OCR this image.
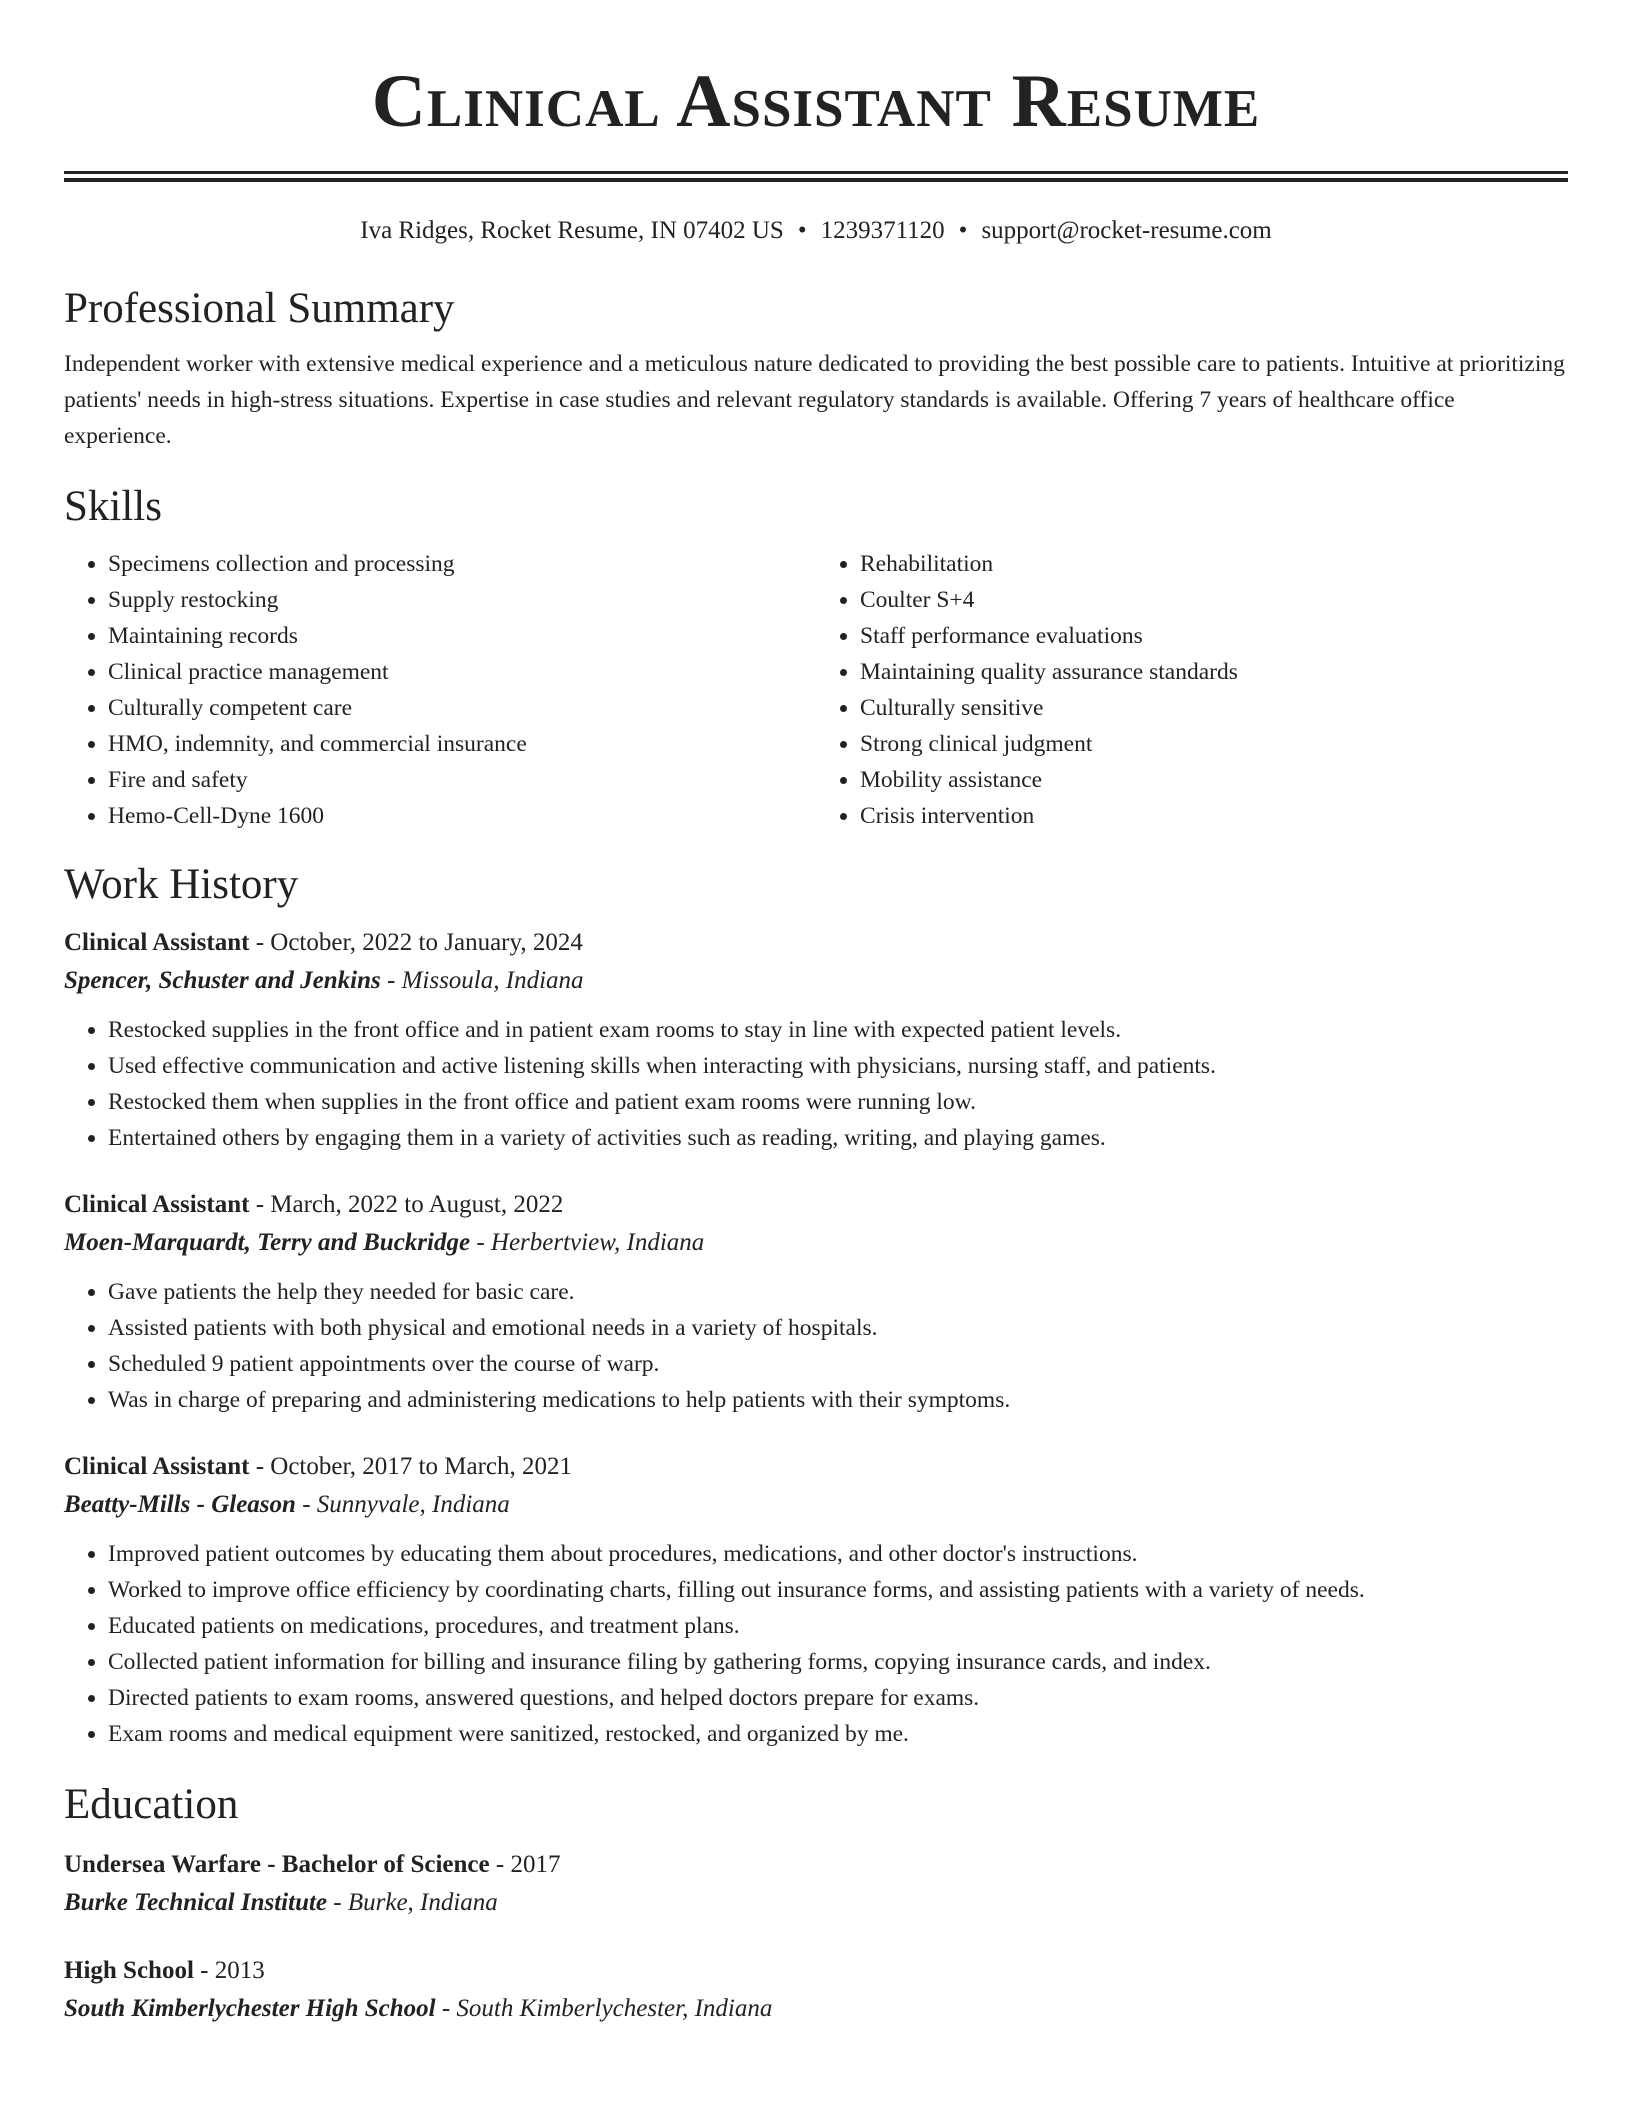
Clinical Assistant Resume
Iva Ridges, Rocket Resume, IN 07402 US • 1239371120 • support@rocket-resume.com
Professional Summary

Independent worker with extensive medical experience and a meticulous nature dedicated to providing the best possible care to patients. Intuitive at prioritizing patients' needs in high-stress situations. Expertise in case studies and relevant regulatory standards is available. Offering 7 years of healthcare office experience.

Skills
• Specimens collection and processing
• Supply restocking
• Maintaining records
• Clinical practice management
• Culturally competent care
• HMO, indemnity, and commercial insurance
• Fire and safety
• Hemo-Cell-Dyne 1600
• Rehabilitation
• Coulter S+4
• Staff performance evaluations
• Maintaining quality assurance standards
• Culturally sensitive
• Strong clinical judgment
• Mobility assistance
• Crisis intervention
Work History
Clinical Assistant - October, 2022 to January, 2024
Spencer, Schuster and Jenkins - Missoula, Indiana
• Restocked supplies in the front office and in patient exam rooms to stay in line with expected patient levels.
• Used effective communication and active listening skills when interacting with physicians, nursing staff, and patients.
• Restocked them when supplies in the front office and patient exam rooms were running low.
• Entertained others by engaging them in a variety of activities such as reading, writing, and playing games.
Clinical Assistant - March, 2022 to August, 2022
Moen-Marquardt, Terry and Buckridge - Herbertview, Indiana
• Gave patients the help they needed for basic care.
• Assisted patients with both physical and emotional needs in a variety of hospitals.
• Scheduled 9 patient appointments over the course of warp.
• Was in charge of preparing and administering medications to help patients with their symptoms.
Clinical Assistant - October, 2017 to March, 2021
Beatty-Mills - Gleason - Sunnyvale, Indiana
• Improved patient outcomes by educating them about procedures, medications, and other doctor's instructions.
• Worked to improve office efficiency by coordinating charts, filling out insurance forms, and assisting patients with a variety of needs.
• Educated patients on medications, procedures, and treatment plans.
• Collected patient information for billing and insurance filing by gathering forms, copying insurance cards, and index.
• Directed patients to exam rooms, answered questions, and helped doctors prepare for exams.
• Exam rooms and medical equipment were sanitized, restocked, and organized by me.
Education
Undersea Warfare - Bachelor of Science - 2017
Burke Technical Institute - Burke, Indiana
High School - 2013
South Kimberlychester High School - South Kimberlychester, Indiana
